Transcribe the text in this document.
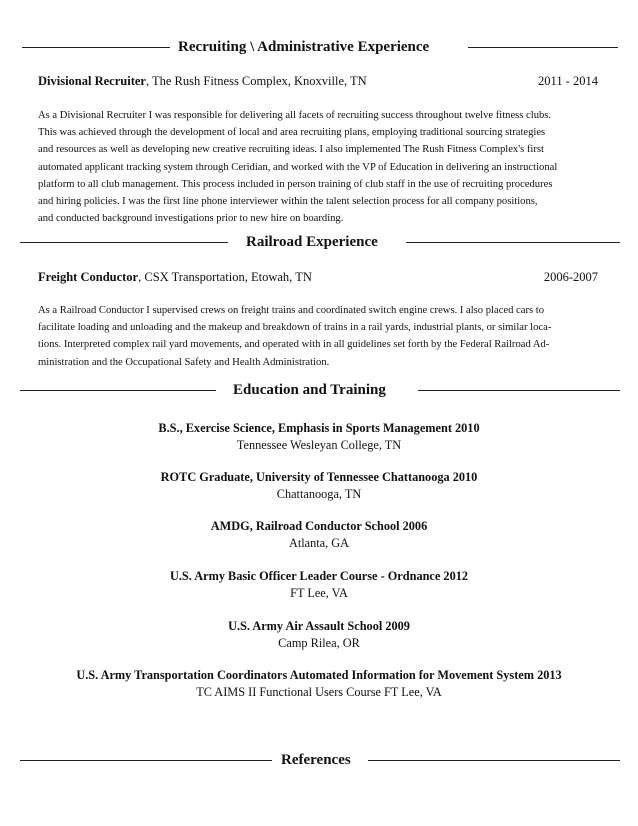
Recruiting \ Administrative Experience
Divisional Recruiter, The Rush Fitness Complex, Knoxville, TN	2011 - 2014
As a Divisional Recruiter I was responsible for delivering all facets of recruiting success throughout twelve fitness clubs.
This was achieved through the development of local and area recruiting plans, employing traditional sourcing strategies
and resources as well as developing new creative recruiting ideas. I also implemented The Rush Fitness Complex's first
automated applicant tracking system through Ceridian, and worked with the VP of Education in delivering an instructional
platform to all club management. This process included in person training of club staff in the use of recruiting procedures
and hiring policies. I was the first line phone interviewer within the talent selection process for all company positions,
and conducted background investigations prior to new hire on boarding.
Railroad Experience
Freight Conductor, CSX Transportation, Etowah, TN	2006-2007
As a Railroad Conductor I supervised crews on freight trains and coordinated switch engine crews. I also placed cars to
facilitate loading and unloading and the makeup and breakdown of trains in a rail yards, industrial plants, or similar loca-
tions. Interpreted complex rail yard movements, and operated with in all guidelines set forth by the Federal Railroad Ad-
ministration and the Occupational Safety and Health Administration.
Education and Training
B.S., Exercise Science, Emphasis in Sports Management 2010
Tennessee Wesleyan College, TN
ROTC Graduate, University of Tennessee Chattanooga 2010
Chattanooga, TN
AMDG, Railroad Conductor School 2006
Atlanta, GA
U.S. Army Basic Officer Leader Course - Ordnance 2012
FT Lee, VA
U.S. Army Air Assault School 2009
Camp Rilea, OR
U.S. Army Transportation Coordinators Automated Information for Movement System 2013
TC AIMS II Functional Users Course FT Lee, VA
References
